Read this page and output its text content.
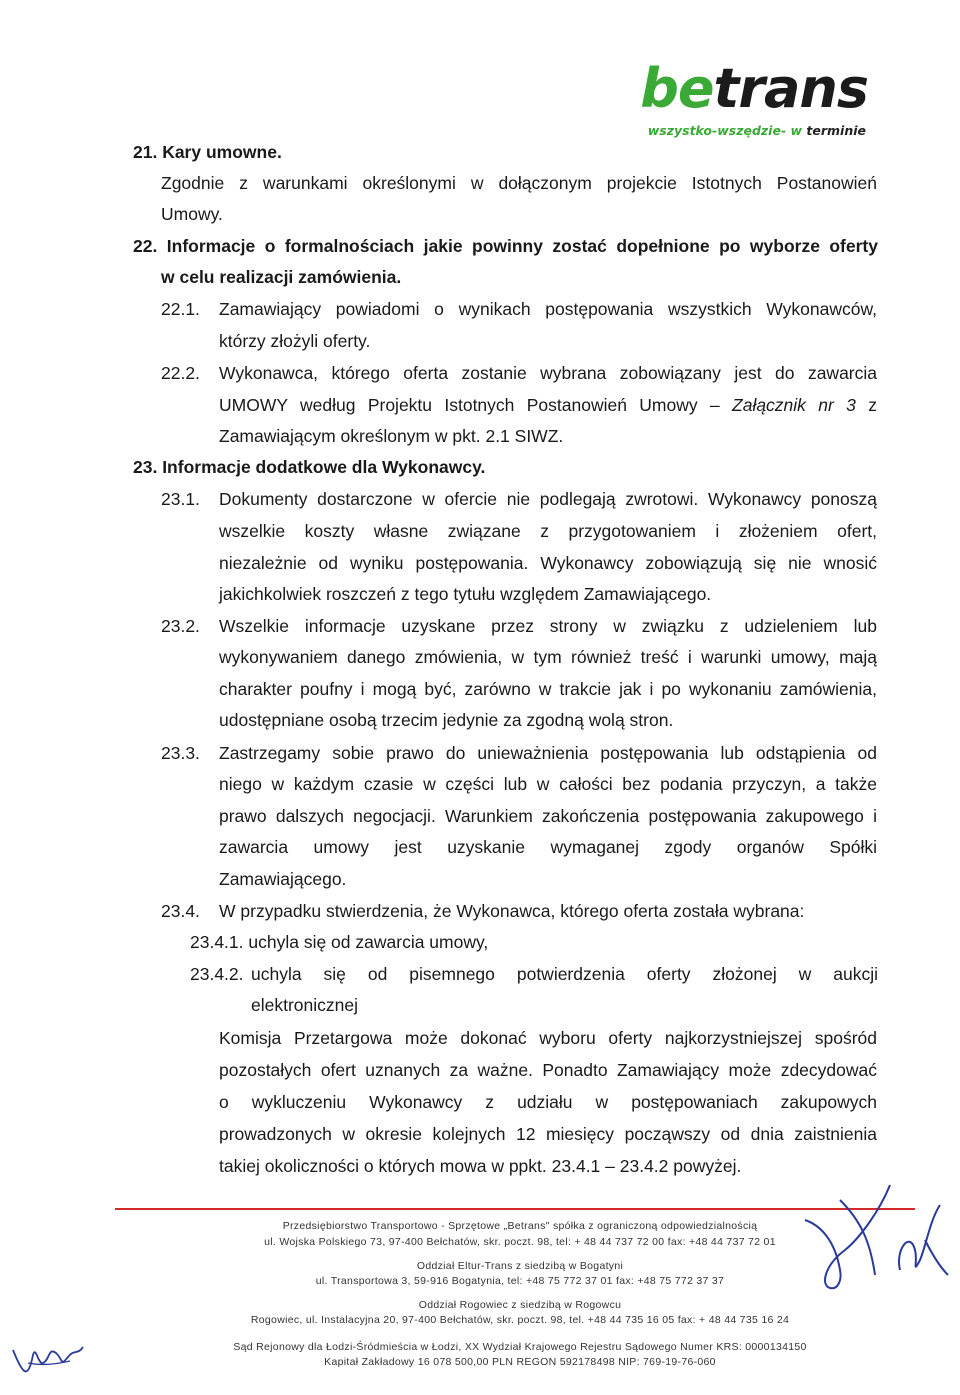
betrans
wszystko-wszędzie- w terminie
21. Kary umowne.
Zgodnie z warunkami określonymi w dołączonym projekcie Istotnych Postanowień
Umowy.
22. Informacje o formalnościach jakie powinny zostać dopełnione po wyborze oferty
w celu realizacji zamówienia.
22.1. Zamawiający powiadomi o wynikach postępowania wszystkich Wykonawców,
którzy złożyli oferty.
22.2. Wykonawca, którego oferta zostanie wybrana zobowiązany jest do zawarcia
UMOWY według Projektu Istotnych Postanowień Umowy – Załącznik nr 3 z
Zamawiającym określonym w pkt. 2.1 SIWZ.
23. Informacje dodatkowe dla Wykonawcy.
23.1. Dokumenty dostarczone w ofercie nie podlegają zwrotowi. Wykonawcy ponoszą
wszelkie koszty własne związane z przygotowaniem i złożeniem ofert,
niezależnie od wyniku postępowania. Wykonawcy zobowiązują się nie wnosić
jakichkolwiek roszczeń z tego tytułu względem Zamawiającego.
23.2. Wszelkie informacje uzyskane przez strony w związku z udzieleniem lub
wykonywaniem danego zmówienia, w tym również treść i warunki umowy, mają
charakter poufny i mogą być, zarówno w trakcie jak i po wykonaniu zamówienia,
udostępniane osobą trzecim jedynie za zgodną wolą stron.
23.3. Zastrzegamy sobie prawo do unieważnienia postępowania lub odstąpienia od
niego w każdym czasie w części lub w całości bez podania przyczyn, a także
prawo dalszych negocjacji. Warunkiem zakończenia postępowania zakupowego i
zawarcia umowy jest uzyskanie wymaganej zgody organów Spółki
Zamawiającego.
23.4. W przypadku stwierdzenia, że Wykonawca, którego oferta została wybrana:
23.4.1. uchyla się od zawarcia umowy,
23.4.2. uchyla się od pisemnego potwierdzenia oferty złożonej w aukcji
elektronicznej
Komisja Przetargowa może dokonać wyboru oferty najkorzystniejszej spośród
pozostałych ofert uznanych za ważne. Ponadto Zamawiający może zdecydować
o wykluczeniu Wykonawcy z udziału w postępowaniach zakupowych
prowadzonych w okresie kolejnych 12 miesięcy począwszy od dnia zaistnienia
takiej okoliczności o których mowa w ppkt. 23.4.1 – 23.4.2 powyżej.
Przedsiębiorstwo Transportowo - Sprzętowe „Betrans" spółka z ograniczoną odpowiedzialnością
ul. Wojska Polskiego 73, 97-400 Bełchatów, skr. poczt. 98, tel: + 48 44 737 72 00 fax: +48 44 737 72 01
Oddział Eltur-Trans z siedzibą w Bogatyni
ul. Transportowa 3, 59-916 Bogatynia, tel: +48 75 772 37 01 fax: +48 75 772 37 37
Oddział Rogowiec z siedzibą w Rogowcu
Rogowiec, ul. Instalacyjna 20, 97-400 Bełchatów, skr. poczt. 98, tel. +48 44 735 16 05 fax: + 48 44 735 16 24
Sąd Rejonowy dla Łodzi-Śródmieścia w Łodzi, XX Wydział Krajowego Rejestru Sądowego Numer KRS: 0000134150
Kapitał Zakładowy 16 078 500,00 PLN REGON 592178498 NIP: 769-19-76-060
